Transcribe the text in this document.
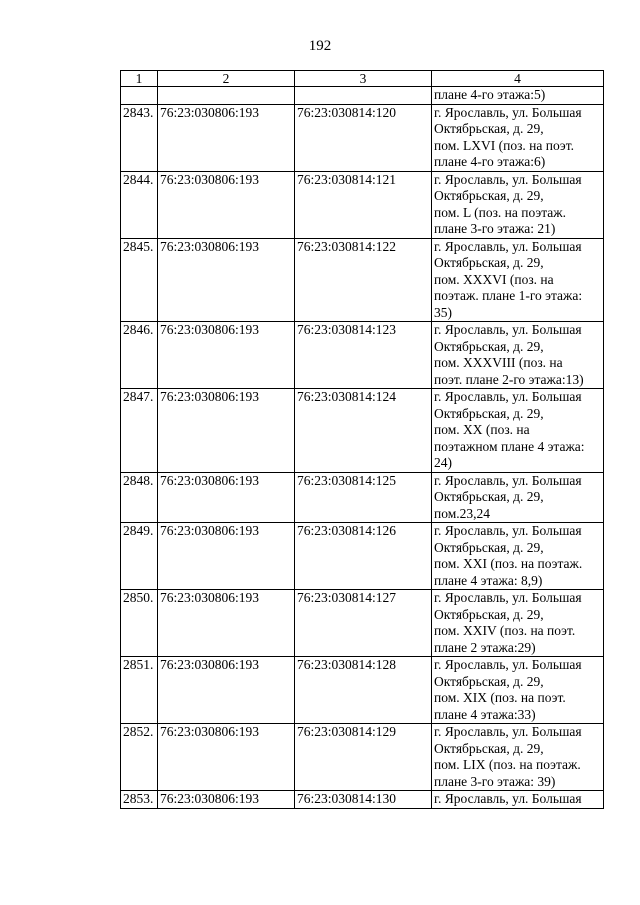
192
1	2	3	4

			плане 4-го этажа:5)

2843.	76:23:030806:193	76:23:030814:120	г. Ярославль, ул. Большая
Октябрьская, д. 29,
пом. LXVI (поз. на поэт.
плане 4-го этажа:6)

2844.	76:23:030806:193	76:23:030814:121	г. Ярославль, ул. Большая
Октябрьская, д. 29,
пом. L (поз. на поэтаж.
плане 3-го этажа: 21)

2845.	76:23:030806:193	76:23:030814:122	г. Ярославль, ул. Большая
Октябрьская, д. 29,
пом. XXXVI (поз. на
поэтаж. плане 1-го этажа:
35)

2846.	76:23:030806:193	76:23:030814:123	г. Ярославль, ул. Большая
Октябрьская, д. 29,
пом. XXXVIII (поз. на
поэт. плане 2-го этажа:13)

2847.	76:23:030806:193	76:23:030814:124	г. Ярославль, ул. Большая
Октябрьская, д. 29,
пом. XX (поз. на
поэтажном плане 4 этажа:
24)

2848.	76:23:030806:193	76:23:030814:125	г. Ярославль, ул. Большая
Октябрьская, д. 29,
пом.23,24

2849.	76:23:030806:193	76:23:030814:126	г. Ярославль, ул. Большая
Октябрьская, д. 29,
пом. XXI (поз. на поэтаж.
плане 4 этажа: 8,9)

2850.	76:23:030806:193	76:23:030814:127	г. Ярославль, ул. Большая
Октябрьская, д. 29,
пом. XXIV (поз. на поэт.
плане 2 этажа:29)

2851.	76:23:030806:193	76:23:030814:128	г. Ярославль, ул. Большая
Октябрьская, д. 29,
пом. XIX (поз. на поэт.
плане 4 этажа:33)

2852.	76:23:030806:193	76:23:030814:129	г. Ярославль, ул. Большая
Октябрьская, д. 29,
пом. LIX (поз. на поэтаж.
плане 3-го этажа: 39)

2853.	76:23:030806:193	76:23:030814:130	г. Ярославль, ул. Большая
